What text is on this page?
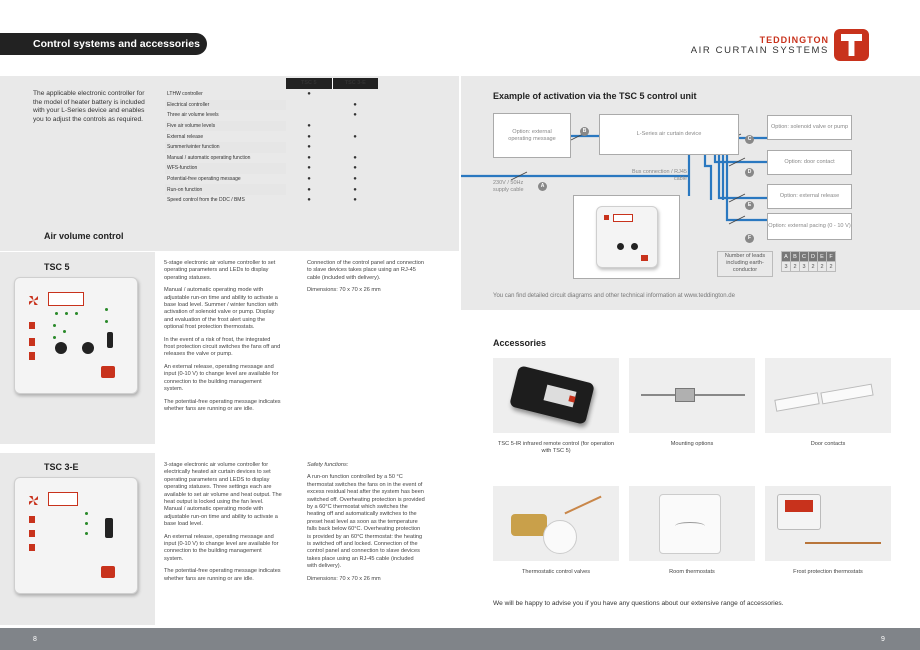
Control systems and accessories	TEDDINGTON
AIR CURTAIN SYSTEMS
The applicable electronic controller for the model of heater battery is included with your L-Series device and enables you to adjust the controls as required.
	TSC 5	TSC 3-E
LTHW controller	●	
Electrical controller		●
Three air volume levels		●
Five air volume levels	●	
External release	●	●
Summer/winter function	●	
Manual / automatic operating function	●	●
WFS-function	●	●
Potential-free operating message	●	●
Run-on function	●	●
Speed control from the DDC / BMS	●	●
Air volume control
TSC 5	5-stage electronic air volume controller to set operating parameters and LEDs to display operating statuses.

Manual / automatic operating mode with adjustable run-on time and ability to activate a base load level. Summer / winter function with activation of solenoid valve or pump. Display and evaluation of the frost alert using the optional frost protection thermostats.

In the event of a risk of frost, the integrated frost protection circuit switches the fans off and releases the valve or pump.

An external release, operating message and input (0-10 V) to change level are available for connection to the building management system.

The potential-free operating message indicates whether fans are running or are idle.

Connection of the control panel and connection to slave devices takes place using an RJ-45 cable (included with delivery).

Dimensions: 70 x 70 x 26 mm

TSC 3-E	3-stage electronic air volume controller for electrically heated air curtain devices to set operating parameters and LEDS to display operating statuses. Three settings each are available to set air volume and heat output. The heat output is locked using the fan level. Manual / automatic operating mode with adjustable run-on time and ability to activate a base load level.

An external release, operating message and input (0-10 V) to change level are available for connection to the building management system.

The potential-free operating message indicates whether fans are running or are idle.

Safety functions:

A run-on function controlled by a 50 °C thermostat switches the fans on in the event of excess residual heat after the system has been switched off. Overheating protection is provided by a 60°C thermostat which switches the heating off and automatically switches to the preset heat level as soon as the temperature falls back below 60°C. Overheating protection is provided by an 60°C thermostat: the heating is switched off and locked. Connection of the control panel and connection to slave devices takes place using an RJ-45 cable (included with delivery).

Dimensions: 70 x 70 x 26 mm

Example of activation via the TSC 5 control unit
Option: external operating message
L-Series air curtain device
Option: solenoid valve or pump
Option: door contact
Option: external release
Option: external pacing (0 - 10 V)
Bus connection / RJ45 cable
230V / 50Hz supply cable
A
B
C
D
E
F
Number of leads including earth-conductor
A	B	C	D	E	F
3	2	3	2	2	2
You can find detailed circuit diagrams and other technical information at www.teddington.de
Accessories
TSC 5-IR infrared remote control (for operation with TSC 5)
Mounting options	Door contacts
Thermostatic control valves	Room thermostats	Frost protection thermostats
We will be happy to advise you if you have any questions about our extensive range of accessories.
8	9
